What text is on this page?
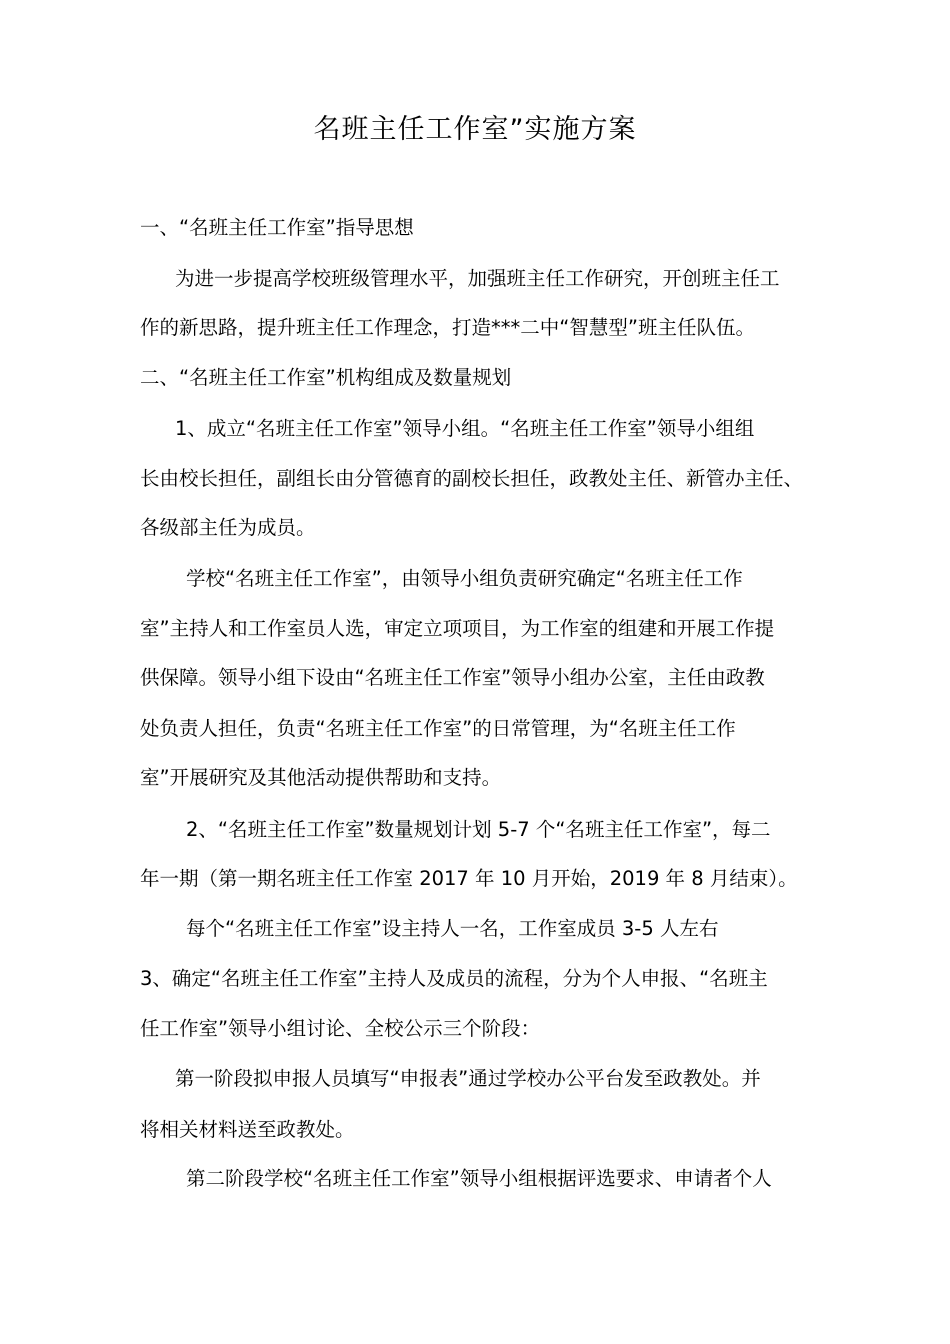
名班主任工作室”实施方案
一、“名班主任工作室”指导思想
为进一步提高学校班级管理水平，加强班主任工作研究，开创班主任工
作的新思路，提升班主任工作理念，打造***二中“智慧型”班主任队伍。
二、“名班主任工作室”机构组成及数量规划
1、成立“名班主任工作室”领导小组。“名班主任工作室”领导小组组
长由校长担任，副组长由分管德育的副校长担任，政教处主任、新管办主任、
各级部主任为成员。
学校“名班主任工作室”，由领导小组负责研究确定“名班主任工作
室”主持人和工作室员人选，审定立项项目，为工作室的组建和开展工作提
供保障。领导小组下设由“名班主任工作室”领导小组办公室，主任由政教
处负责人担任，负责“名班主任工作室”的日常管理，为“名班主任工作
室”开展研究及其他活动提供帮助和支持。
2、“名班主任工作室”数量规划计划 5-7 个“名班主任工作室”，每二
年一期（第一期名班主任工作室 2017 年 10 月开始，2019 年 8 月结束）。
每个“名班主任工作室”设主持人一名，工作室成员 3-5 人左右
3、确定“名班主任工作室”主持人及成员的流程，分为个人申报、“名班主
任工作室”领导小组讨论、全校公示三个阶段：
第一阶段拟申报人员填写“申报表”通过学校办公平台发至政教处。并
将相关材料送至政教处。
第二阶段学校“名班主任工作室”领导小组根据评选要求、申请者个人
